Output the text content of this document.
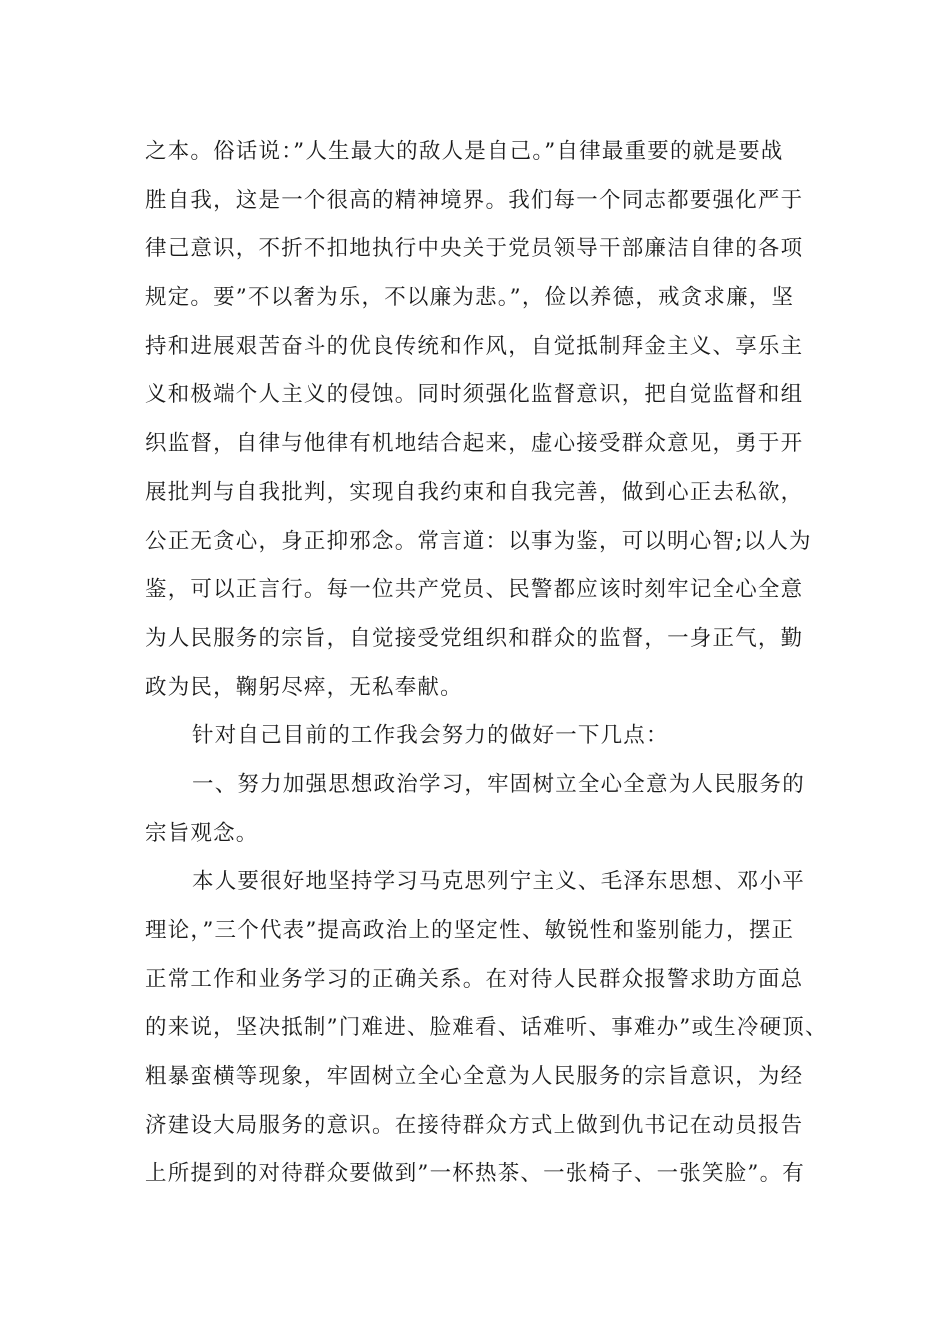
之本。俗话说：”人生最大的敌人是自己。”自律最重要的就是要战
胜自我，这是一个很高的精神境界。我们每一个同志都要强化严于
律己意识，不折不扣地执行中央关于党员领导干部廉洁自律的各项
规定。要”不以奢为乐，不以廉为悲。”，俭以养德，戒贪求廉，坚
持和进展艰苦奋斗的优良传统和作风，自觉抵制拜金主义、享乐主
义和极端个人主义的侵蚀。同时须强化监督意识，把自觉监督和组
织监督，自律与他律有机地结合起来，虚心接受群众意见，勇于开
展批判与自我批判，实现自我约束和自我完善，做到心正去私欲，
公正无贪心，身正抑邪念。常言道：以事为鉴，可以明心智;以人为
鉴，可以正言行。每一位共产党员、民警都应该时刻牢记全心全意
为人民服务的宗旨，自觉接受党组织和群众的监督，一身正气，勤
政为民，鞠躬尽瘁，无私奉献。
针对自己目前的工作我会努力的做好一下几点：
一、努力加强思想政治学习，牢固树立全心全意为人民服务的
宗旨观念。
本人要很好地坚持学习马克思列宁主义、毛泽东思想、邓小平
理论，”三个代表”提高政治上的坚定性、敏锐性和鉴别能力，摆正
正常工作和业务学习的正确关系。在对待人民群众报警求助方面总
的来说，坚决抵制”门难进、脸难看、话难听、事难办”或生冷硬顶、
粗暴蛮横等现象，牢固树立全心全意为人民服务的宗旨意识，为经
济建设大局服务的意识。在接待群众方式上做到仇书记在动员报告
上所提到的对待群众要做到”一杯热茶、一张椅子、一张笑脸”。有
